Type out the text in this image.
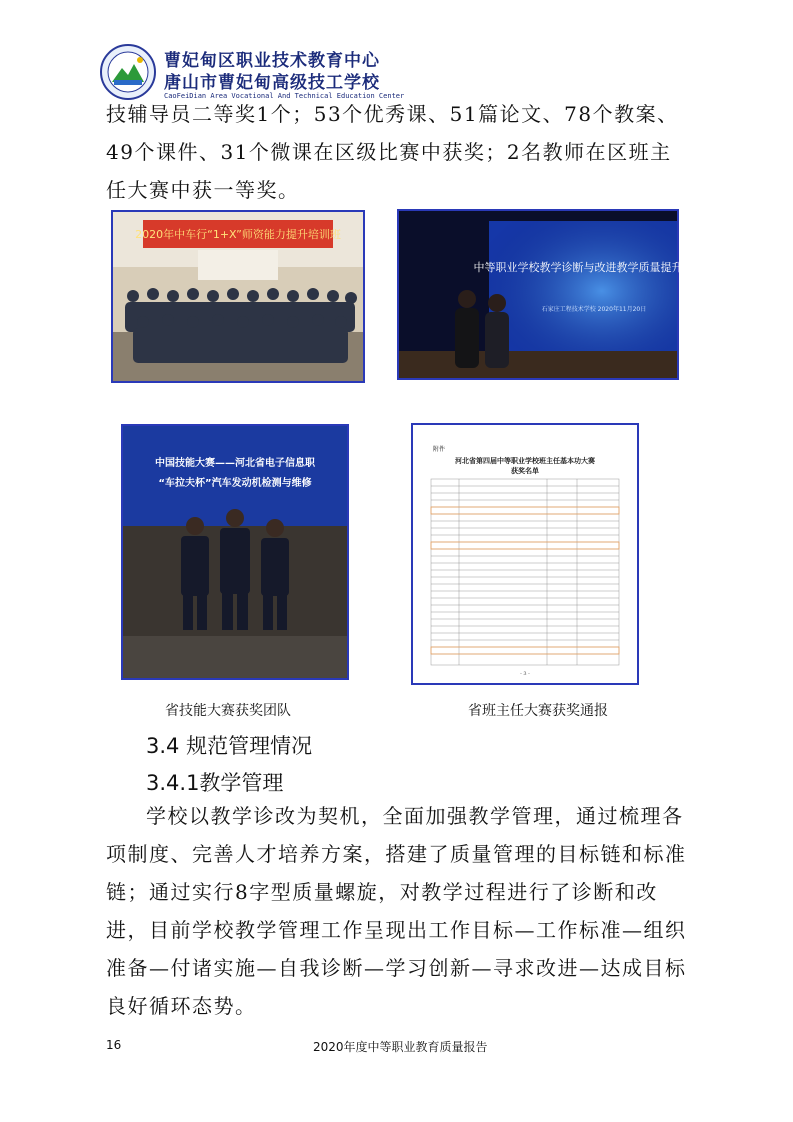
曹妃甸区职业技术教育中心
唐山市曹妃甸高级技工学校
CaoFeiDian Area Vocational And Technical Education Center
技辅导员二等奖1个；53个优秀课、51篇论文、78个教案、49个课件、31个微课在区级比赛中获奖；2名教师在区班主任大赛中获一等奖。
2020年中车行“1+X”师资能力提升培训班
中等职业学校教学诊断与改进教学质量提升培训
石家庄工程技术学校 2020年11月20日
中国技能大赛——河北省电子信息职
“车拉夫杯”汽车发动机检测与维修
附件
河北省第四届中等职业学校班主任基本功大赛
获奖名单
- 3 -
省技能大赛获奖团队	省班主任大赛获奖通报
3.4 规范管理情况
3.4.1教学管理
学校以教学诊改为契机，全面加强教学管理，通过梳理各项制度、完善人才培养方案，搭建了质量管理的目标链和标准链；通过实行8字型质量螺旋，对教学过程进行了诊断和改进，目前学校教学管理工作呈现出工作目标—工作标准—组织准备—付诸实施—自我诊断—学习创新—寻求改进—达成目标良好循环态势。
16	2020年度中等职业教育质量报告
